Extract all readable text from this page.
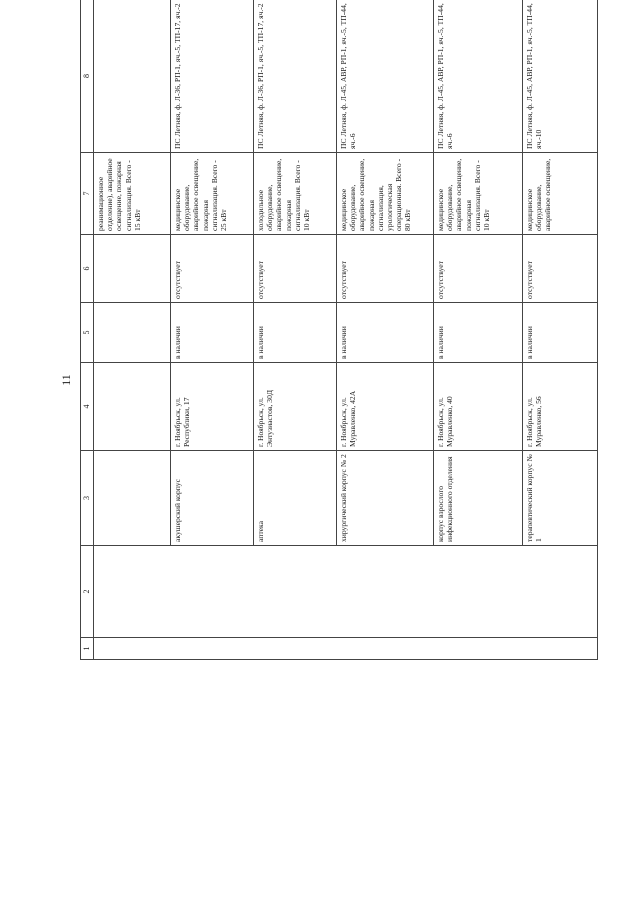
11
1	2	3	4	5	6	7	8
						реанимационное отделение), аварийное освещение, пожарная сигнализация. Всего - 15 кВт	
		акушерский корпус	г. Ноябрьск, ул. Республики, 17	в наличии	отсутствует	медицинское оборудование, аварийное освещение, пожарная сигнализация. Всего - 25 кВт	ПС Летняя, ф. Л-36, РП-1, яч.-5, ТП-17, яч.-2
		аптека	г. Ноябрьск, ул. Энтузиастов, 30Д	в наличии	отсутствует	холодильное оборудование, аварийное освещение, пожарная сигнализация. Всего - 10 кВт	ПС Летняя, ф. Л-36, РП-1, яч.-5, ТП-17, яч.-2
		хирургический корпус № 2	г. Ноябрьск, ул. Муравленко, 42А	в наличии	отсутствует	медицинское оборудование, аварийное освещение, пожарная сигнализация, урологическая операционная. Всего - 80 кВт	ПС Летняя, ф. Л-45, АВР, РП-1, яч.-5, ТП-44, яч.-6
		корпус взрослого инфекционного отделения	г. Ноябрьск, ул. Муравленко, 40	в наличии	отсутствует	медицинское оборудование, аварийное освещение, пожарная сигнализация. Всего - 10 кВт	ПС Летняя, ф. Л-45, АВР, РП-1, яч.-5, ТП-44, яч.-6
		терапевтический корпус № 1	г. Ноябрьск, ул. Муравленко, 56	в наличии	отсутствует	медицинское оборудование, аварийное освещение,	ПС Летняя, ф. Л-45, АВР, РП-1, яч.-5, ТП-44, яч.-10
